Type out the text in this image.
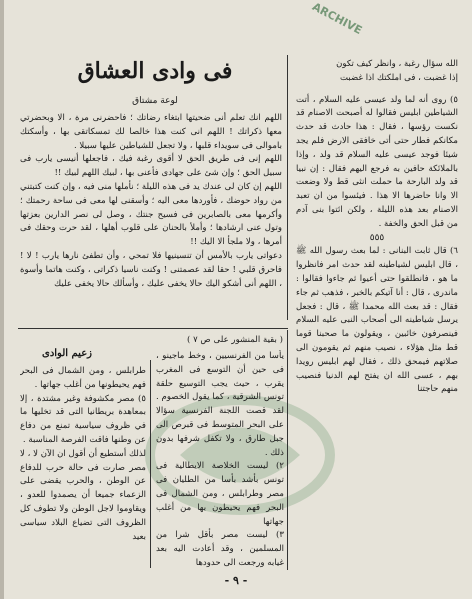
ARCHIVE

الله سؤال رغبة ، وانظر كيف تكون

إذا غضبت ، فى املكتك اذا غضبت

٥) روى أنه لما ولد عيسى عليه السلام ، أتت الشياطين ابليس فقالوا له أصبحت الاصنام قد نكست رؤسها ، فقال : هذا حادث قد حدث مكانكم فطار حتى أتى خافقى الارض فلم يجد شيئا فوجد عيسى عليه السلام قد ولد ، وإذا بالملائكة حافين به فرجع اليهم فقال : إن نبيا قد ولد البارحة ما حملت انثى قط ولا وضعت الا وانا حاضرها الا هذا . فيئسوا من ان تعبد الاصنام بعد هذه الليلة ، ولكن ائتوا بنى آدم من قبل الحق والخفة .

٥٥٥

٦) قال ثابت البنانى : لما بعث رسول الله ﷺ ، قال ابليس لشياطينه لقد حدث امر فانظروا ما هو ، فانطلقوا حتى أعيوا ثم جاءوا فقالوا : ماندرى ، قال : أنا آتيكم بالخبر ، فذهب ثم جاء فقال : قد بعث الله محمدا ﷺ ، قال : فجعل يرسل شياطينه الى أصحاب النبى عليه السلام فينصرفون خائبين ، ويقولون ما صحبنا قوما قط مثل هؤلاء ، نصيب منهم ثم يقومون الى صلاتهم فيمحق ذلك ، فقال لهم ابليس رويدا بهم ، عسى الله ان يفتح لهم الدنيا فنصيب منهم حاجتنا

فى وادى العشاق
لوعة مشتاق

اللهم انك تعلم أنى ضحيتها ابتغاء رضاتك ؛ فاحضرنى مرة ، الا وبحضرتي معها ذكراتك ! اللهم انى كنت هذا خالصا لك تمسكاتقى بها ، وأسكتك باموالى فى سويداء قلبها ، ولا تجعل للشياطين عليها سبيلا .

اللهم إنى فى طريق الحق لا أقوى رغبة فيك ، فاجعلها أنيسى يارب فى سبيل الحق ؛ وإن شئ على جهادى فأعنى بها ، لبيك اللهم لبيك !!

اللهم إن كان لى عندك يد فى هذه الليلة ؛ نأملها منى فيه ، وإن كنت كتبتني من رواد حوضك ، فأوردها معى اليه ؛ وأسقنى لها معى فى ساحة رحمتك ؛ وأكرمها معى بالصابرين فى فسيح جنتك ، وصل لى نصر الدارين بعزتها وتول عنى ارشادها ؛ وأملأ بالحنان على قلوب أهلها ، لقد حرت وحقك فى أمرها ، ولا ملجأ الا اليك !!

دعواتى يارب بالأمس أن تنسينيها فلا تمحي ، وأن تطفئ نارها يارب ! لا ! فاحرق قلبي ! حقا لقد عصمتنى ! وكنت ناسيا ذكراتى ، وكنت هاتما وأسوة ، اللهم أنى أشكو اليك حالا يخفى عليك ، وأسألك حالا يخفى عليك

زعيم الوادى
( بقية المنشور على ص ٧ )

يأسا من الفرنسيين ، وخط ماجينو ، فى حين أن التوسع فى المغرب يقرب ، حيث يجب التوسيع حلقة تونس الشرقية ، كما يقول الخصوم . لقد قصت اللجنة الفرنسية سؤالا على البحر المتوسط فى قبرص الى جبل طارق ، ولا تكفل شرفها بدون ذلك .

٢) ليست الخلاصة الايطالية فى تونس بأشد بأسا من الطليان فى مصر وطرابلس ، ومن الشمال فى البحر فهم يحيطون بها من أغلب جهاتها

٣) ليست مصر بأقل شرا من المسلمين ، وقد أعادت اليه بعد غيابه ورجعت الى حدودها

طرابلس ، ومن الشمال فى البحر فهم يحيطونها من أغلب جهاتها .

٥) مصر مكشوفة وغير مشتدة ، إلا بمعاهدة بريطانيا التى قد تخليها ما في ظروف سياسية تمنع من دفاع عن وطنها فاقت الفرصة المناسبة .

لذلك أستطيع أن أقول ان الآن لا ، لا مصر صارت فى حالة حرب للدفاع عن الوطن ، والحرب يقضى على الزعماء جميعا أن يصمدوا للعدو ، ويقاوموا لاجل الوطن ولا تطوف كل الظروف التى تضياع البلاد سياسى بعيد

- ٩ -
